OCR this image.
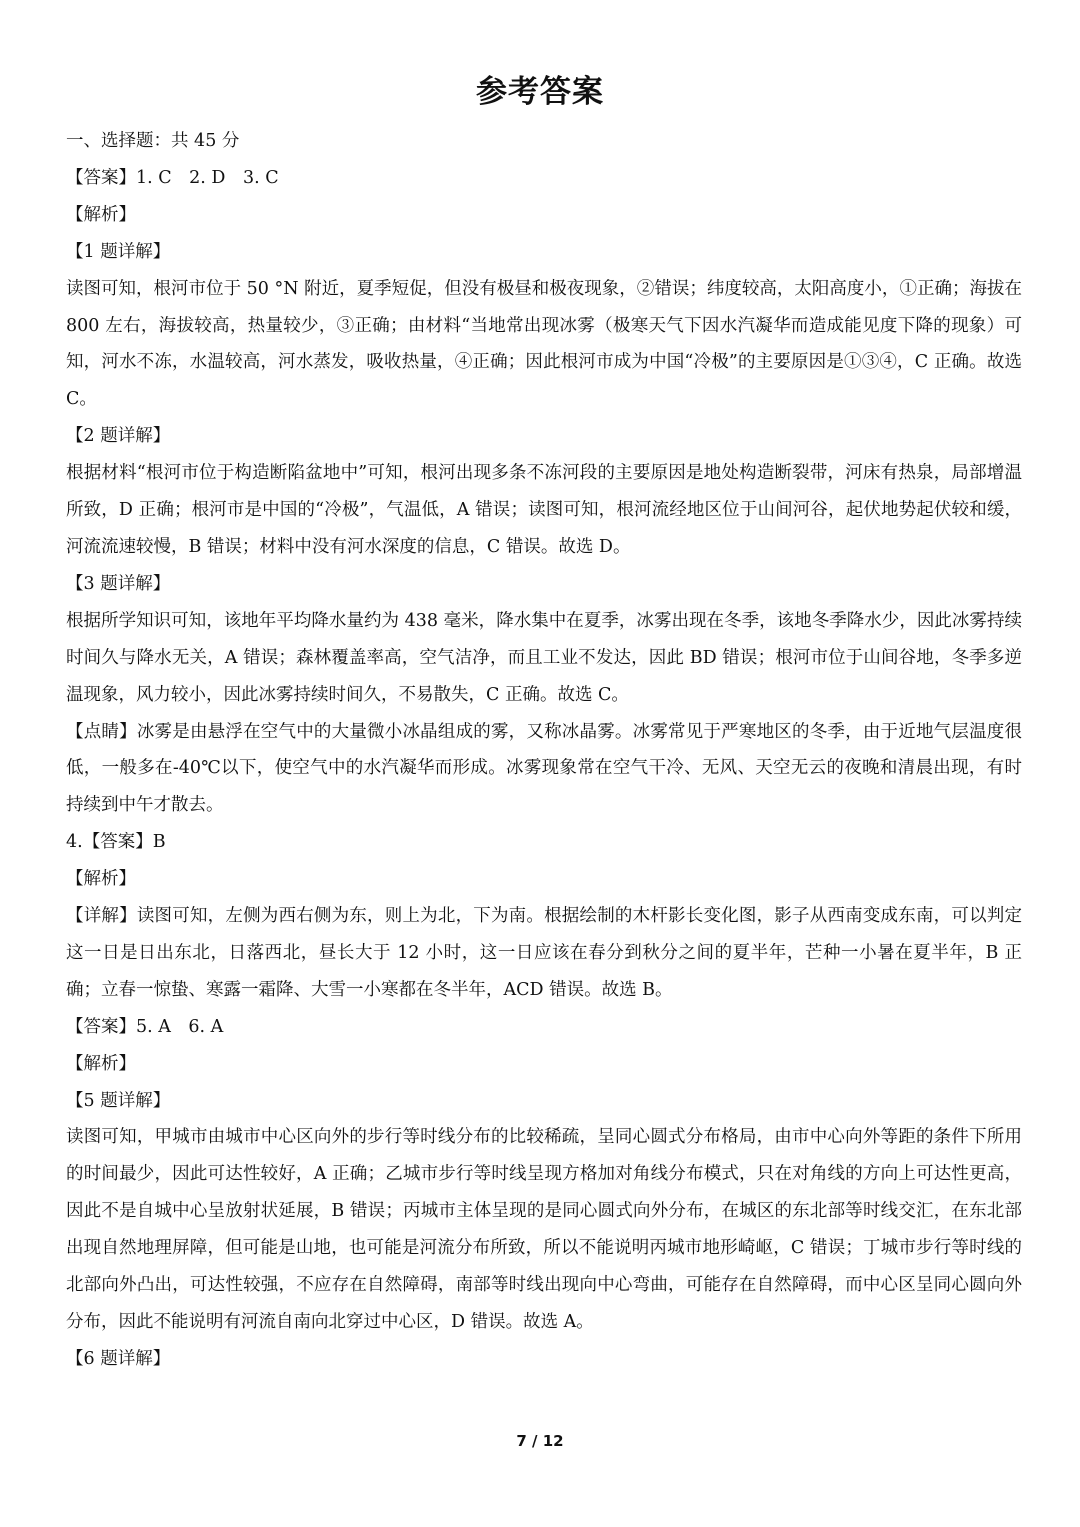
参考答案

一、选择题：共 45 分

【答案】1. C　2. D　3. C

【解析】

【1 题详解】

读图可知，根河市位于 50 °N 附近，夏季短促，但没有极昼和极夜现象，②错误；纬度较高，太阳高度小，①正确；海拔在 800 左右，海拔较高，热量较少，③正确；由材料“当地常出现冰雾（极寒天气下因水汽凝华而造成能见度下降的现象）可知，河水不冻，水温较高，河水蒸发，吸收热量，④正确；因此根河市成为中国“冷极”的主要原因是①③④，C 正确。故选 C。

【2 题详解】

根据材料“根河市位于构造断陷盆地中”可知，根河出现多条不冻河段的主要原因是地处构造断裂带，河床有热泉，局部增温所致，D 正确；根河市是中国的“冷极”，气温低，A 错误；读图可知，根河流经地区位于山间河谷，起伏地势起伏较和缓，河流流速较慢，B 错误；材料中没有河水深度的信息，C 错误。故选 D。

【3 题详解】

根据所学知识可知，该地年平均降水量约为 438 毫米，降水集中在夏季，冰雾出现在冬季，该地冬季降水少，因此冰雾持续时间久与降水无关，A 错误；森林覆盖率高，空气洁净，而且工业不发达，因此 BD 错误；根河市位于山间谷地，冬季多逆温现象，风力较小，因此冰雾持续时间久，不易散失，C 正确。故选 C。

【点睛】冰雾是由悬浮在空气中的大量微小冰晶组成的雾，又称冰晶雾。冰雾常见于严寒地区的冬季，由于近地气层温度很低，一般多在-40℃以下，使空气中的水汽凝华而形成。冰雾现象常在空气干冷、无风、天空无云的夜晚和清晨出现，有时持续到中午才散去。

4.【答案】B

【解析】

【详解】读图可知，左侧为西右侧为东，则上为北，下为南。根据绘制的木杆影长变化图，影子从西南变成东南，可以判定这一日是日出东北，日落西北，昼长大于 12 小时，这一日应该在春分到秋分之间的夏半年，芒种一小暑在夏半年，B 正确；立春一惊蛰、寒露一霜降、大雪一小寒都在冬半年，ACD 错误。故选 B。

【答案】5. A　6. A

【解析】

【5 题详解】

读图可知，甲城市由城市中心区向外的步行等时线分布的比较稀疏，呈同心圆式分布格局，由市中心向外等距的条件下所用的时间最少，因此可达性较好，A 正确；乙城市步行等时线呈现方格加对角线分布模式，只在对角线的方向上可达性更高，因此不是自城中心呈放射状延展，B 错误；丙城市主体呈现的是同心圆式向外分布，在城区的东北部等时线交汇，在东北部出现自然地理屏障，但可能是山地，也可能是河流分布所致，所以不能说明丙城市地形崎岖，C 错误；丁城市步行等时线的北部向外凸出，可达性较强，不应存在自然障碍，南部等时线出现向中心弯曲，可能存在自然障碍，而中心区呈同心圆向外分布，因此不能说明有河流自南向北穿过中心区，D 错误。故选 A。

【6 题详解】

7 / 12
